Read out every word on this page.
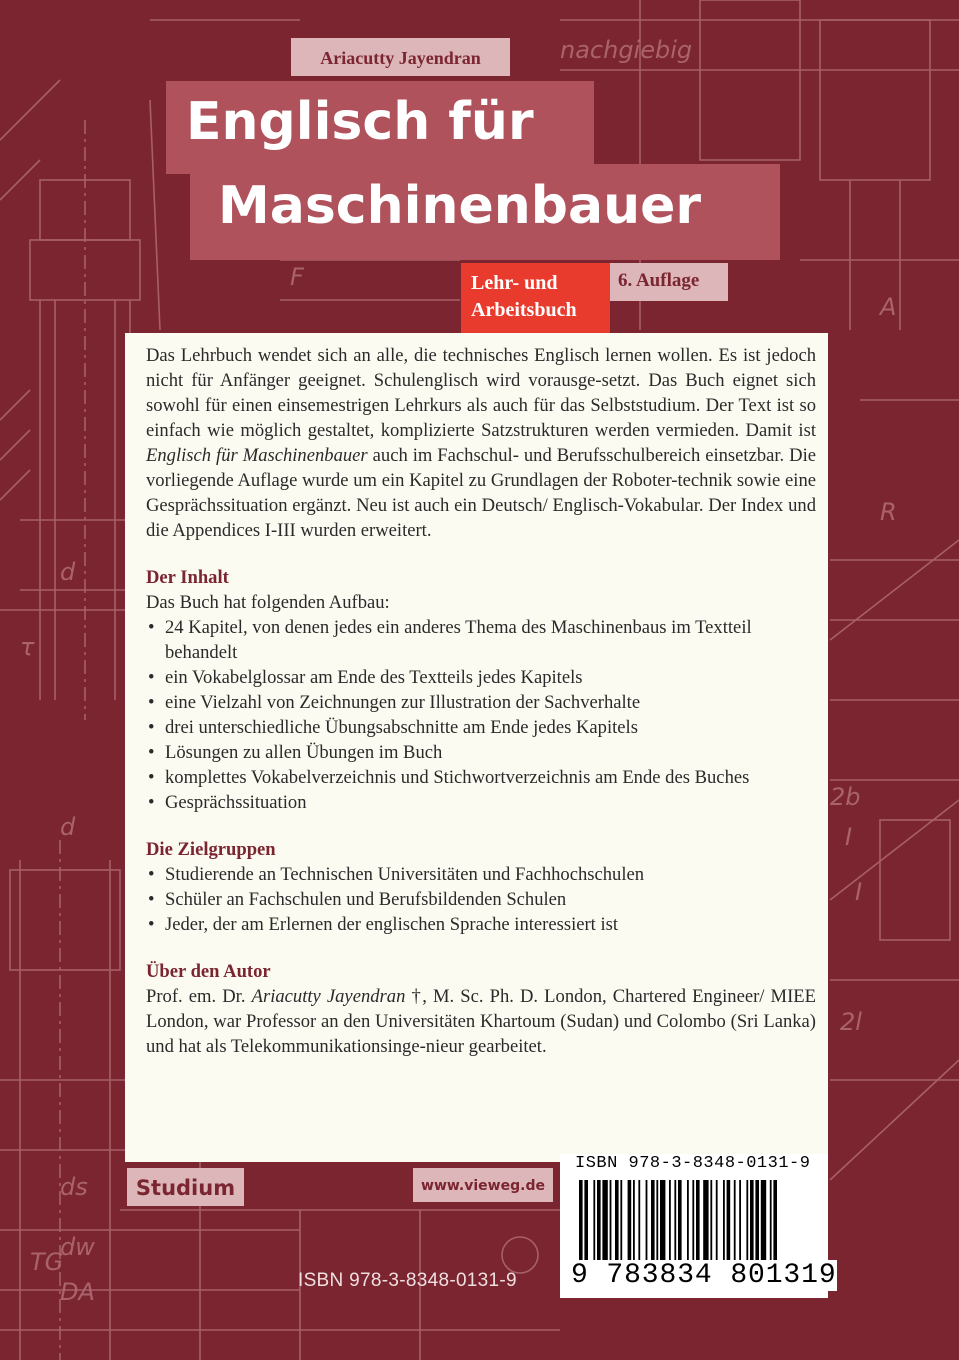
nachgiebig
τ
d
d
ds
dw
TG
DA
A
F
R
2b
I
I
2l
Ariacutty Jayendran
Englisch für
Maschinenbauer
Lehr- und
Arbeitsbuch
6. Auflage

Das Lehrbuch wendet sich an alle, die technisches Englisch lernen wollen. Es ist jedoch nicht für Anfänger geeignet. Schulenglisch wird vorausge-setzt. Das Buch eignet sich sowohl für einen einsemestrigen Lehrkurs als auch für das Selbststudium. Der Text ist so einfach wie möglich gestaltet, komplizierte Satzstrukturen werden vermieden. Damit ist Englisch für Maschinenbauer auch im Fachschul- und Berufsschulbereich einsetzbar. Die vorliegende Auflage wurde um ein Kapitel zu Grundlagen der Roboter-technik sowie eine Gesprächssituation ergänzt. Neu ist auch ein Deutsch/ Englisch-Vokabular. Der Index und die Appendices I-III wurden erweitert.

Der Inhalt
Das Buch hat folgenden Aufbau:
• 24 Kapitel, von denen jedes ein anderes Thema des Maschinenbaus im Textteil behandelt
• ein Vokabelglossar am Ende des Textteils jedes Kapitels
• eine Vielzahl von Zeichnungen zur Illustration der Sachverhalte
• drei unterschiedliche Übungsabschnitte am Ende jedes Kapitels
• Lösungen zu allen Übungen im Buch
• komplettes Vokabelverzeichnis und Stichwortverzeichnis am Ende des Buches
• Gesprächssituation
Die Zielgruppen
• Studierende an Technischen Universitäten und Fachhochschulen
• Schüler an Fachschulen und Berufsbildenden Schulen
• Jeder, der am Erlernen der englischen Sprache interessiert ist
Über den Autor

Prof. em. Dr. Ariacutty Jayendran †, M. Sc. Ph. D. London, Chartered Engineer/ MIEE London, war Professor an den Universitäten Khartoum (Sudan) und Colombo (Sri Lanka) und hat als Telekommunikationsinge-nieur gearbeitet.

Studium	www.vieweg.de
ISBN 978-3-8348-0131-9
ISBN 978-3-8348-0131-9
9 783834 801319
